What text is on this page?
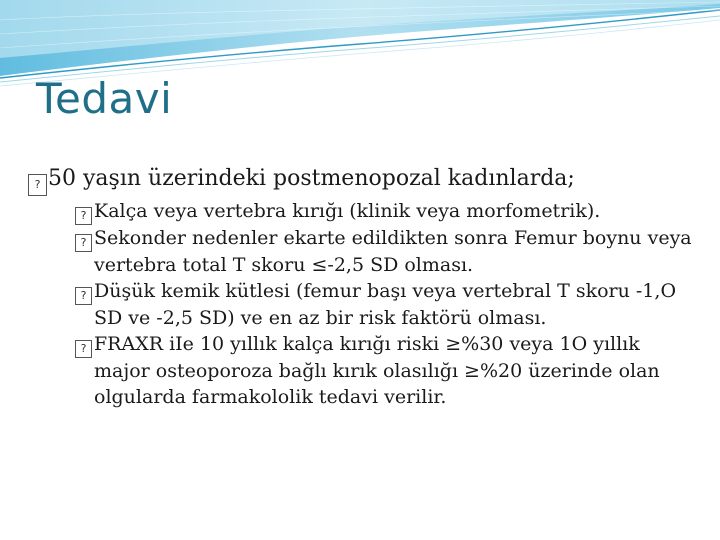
Tedavi
? 50 yaşın üzerindeki postmenopozal kadınlarda;
? Kalça veya vertebra kırığı (klinik veya morfometrik).
? Sekonder nedenler ekarte edildikten sonra Femur boynu veya vertebra total T skoru ≤-2,5 SD olması.
? Düşük kemik kütlesi (femur başı veya vertebral T skoru -1,O SD ve -2,5 SD) ve en az bir risk faktörü olması.
? FRAXR iIe 10 yıllık kalça kırığı riski ≥%30 veya 1O yıllık major osteoporoza bağlı kırık olasılığı ≥%20 üzerinde olan olgularda farmakololik tedavi verilir.
